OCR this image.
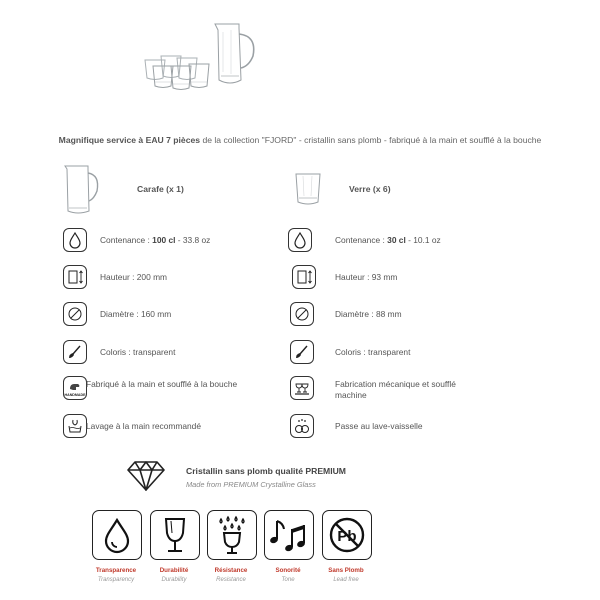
Magnifique service à EAU 7 pièces de la collection "FJORD" - cristallin sans plomb - fabriqué à la main et soufflé à la bouche
Carafe (x 1)	Verre (x 6)
Contenance : 100 cl - 33.8 oz
Hauteur : 200 mm
Diamètre : 160 mm
Coloris : transparent
HANDMADE
Fabriqué à la main et soufflé à la bouche
Lavage à la main recommandé
Contenance : 30 cl - 10.1 oz
Hauteur : 93 mm
Diamètre : 88 mm
Coloris : transparent
Fabrication mécanique et soufflé machine
Passe au lave-vaisselle
Cristallin sans plomb qualité PREMIUM
Made from PREMIUM Crystalline Glass
Transparence
Transparency
Durabilité
Durability
Résistance
Resistance
Sonorité
Tone
Pb
Sans Plomb
Lead free
